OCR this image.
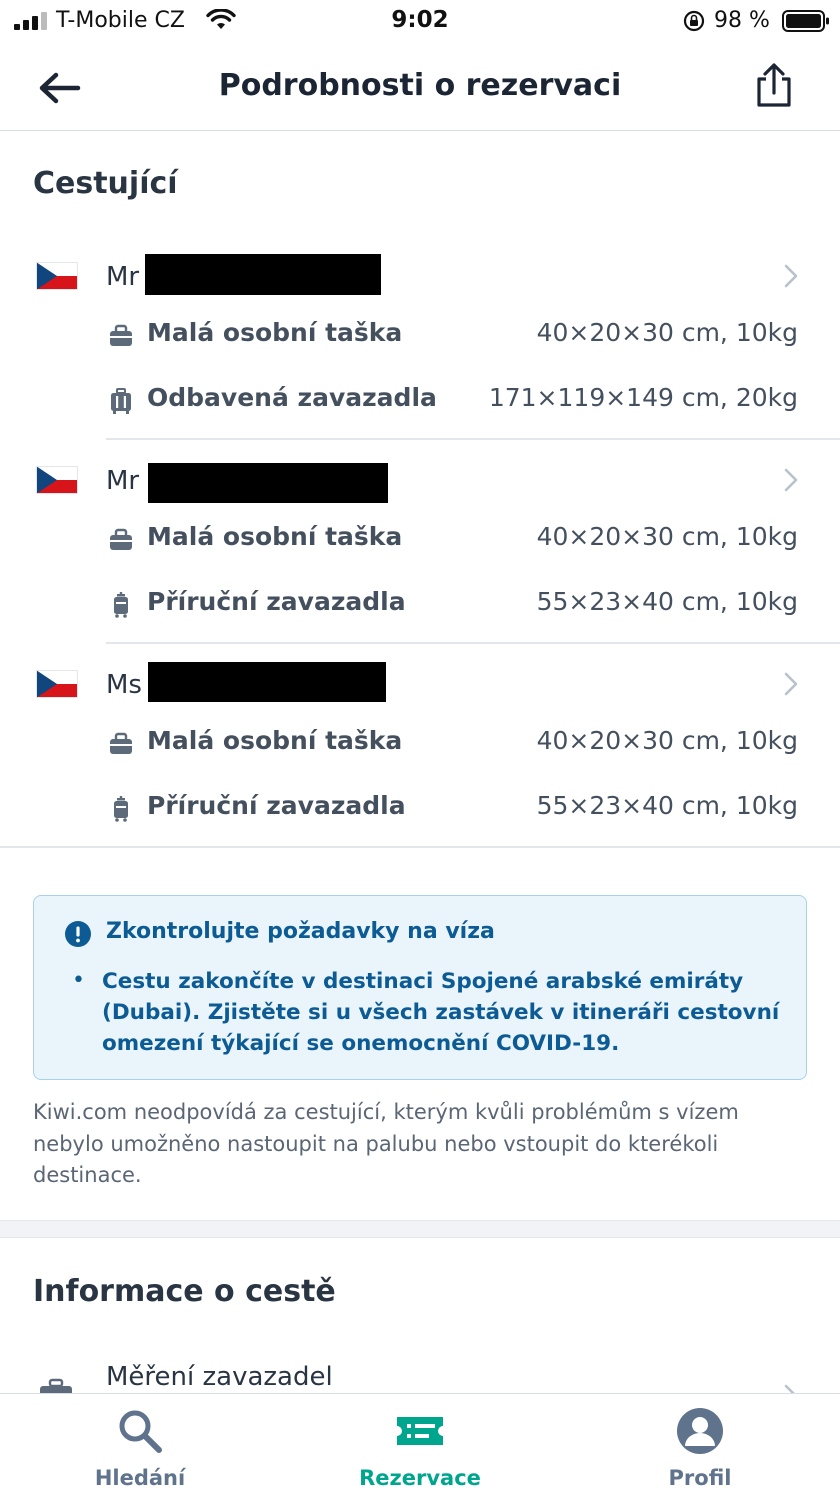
T-Mobile CZ	9:02	98 %
Podrobnosti o rezervaci
Cestující
Mr
Malá osobní taška	40×20×30 cm, 10kg
Odbavená zavazadla 171×119×149 cm, 20kg
Mr
Malá osobní taška	40×20×30 cm, 10kg
Příruční zavazadla	55×23×40 cm, 10kg
Ms
Malá osobní taška	40×20×30 cm, 10kg
Příruční zavazadla	55×23×40 cm, 10kg
Zkontrolujte požadavky na víza
• Cestu zakončíte v destinaci Spojené arabské emiráty (Dubai). Zjistěte si u všech zastávek v itineráři cestovní omezení týkající se onemocnění COVID-19.
Kiwi.com neodpovídá za cestující, kterým kvůli problémům s vízem nebylo umožněno nastoupit na palubu nebo vstoupit do kterékoli destinace.
Informace o cestě
Měření zavazadel
Hledání	Rezervace	Profil
